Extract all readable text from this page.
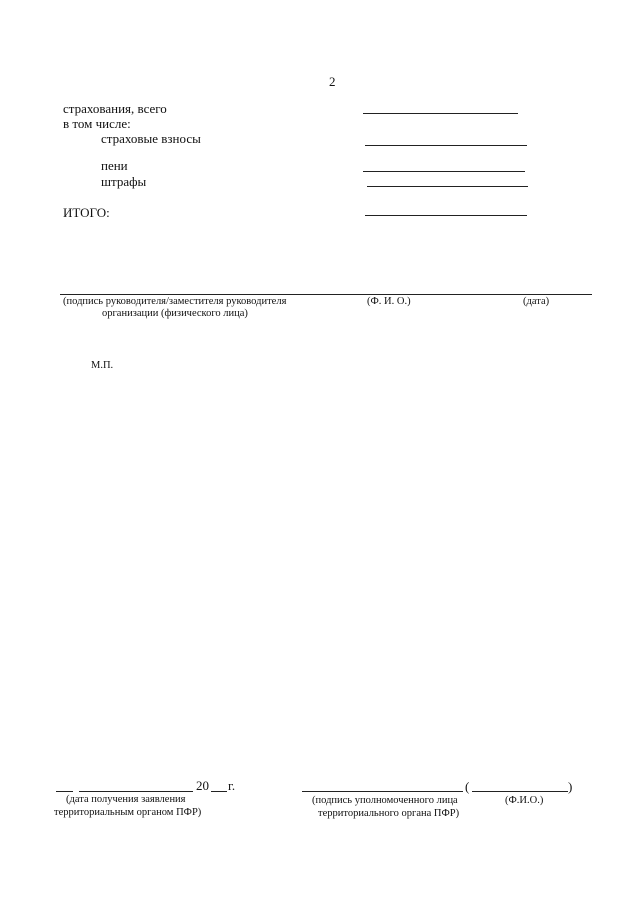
2
страхования, всего
в том числе:
страховые взносы
пени
штрафы
ИТОГО:
(подпись руководителя/заместителя руководителя
организации (физического лица)
(Ф. И. О.)	(дата)
М.П.
20 г.
(дата получения заявления
территориальным органом ПФР)
(	)
(подпись уполномоченного лица
территориального органа ПФР)
(Ф.И.О.)
